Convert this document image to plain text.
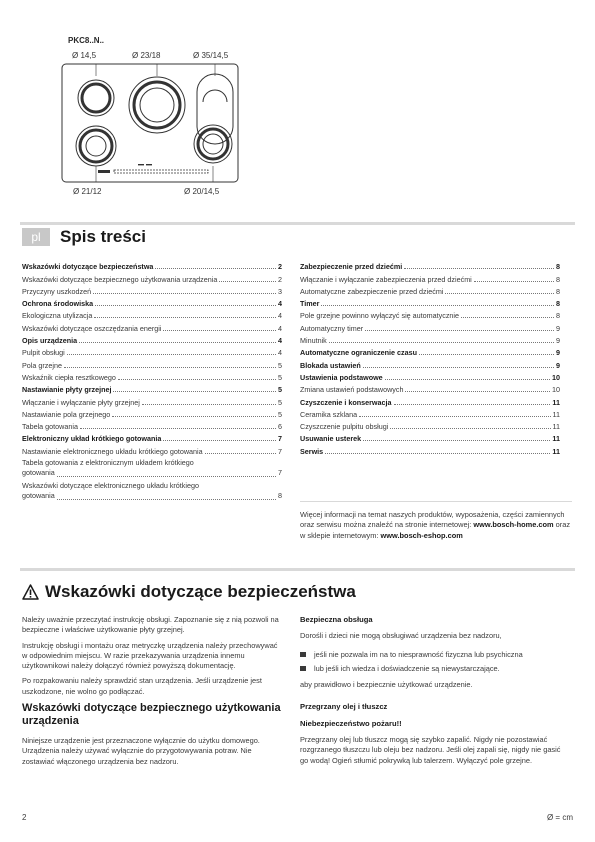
PKC8..N..
Ø 14,5	Ø 23/18	Ø 35/14,5
Ø 21/12	Ø 20/14,5
pl	Spis treści
Wskazówki dotyczące bezpieczeństwa	2
Wskazówki dotyczące bezpiecznego użytkowania urządzenia	2
Przyczyny uszkodzeń	3
Ochrona środowiska	4
Ekologiczna utylizacja	4
Wskazówki dotyczące oszczędzania energii	4
Opis urządzenia	4
Pulpit obsługi	4
Pola grzejne	5
Wskaźnik ciepła resztkowego	5
Nastawianie płyty grzejnej	5
Włączanie i wyłączanie płyty grzejnej	5
Nastawianie pola grzejnego	5
Tabela gotowania	6
Elektroniczny układ krótkiego gotowania	7
Nastawianie elektronicznego układu krótkiego gotowania	7
Tabela gotowania z elektronicznym układem krótkiego
gotowania	7
Wskazówki dotyczące elektronicznego układu krótkiego
gotowania	8
Zabezpieczenie przed dziećmi	8
Włączanie i wyłączanie zabezpieczenia przed dziećmi	8
Automatyczne zabezpieczenie przed dziećmi	8
Timer	8
Pole grzejne powinno wyłączyć się automatycznie	8
Automatyczny timer	9
Minutnik	9
Automatyczne ograniczenie czasu	9
Blokada ustawień	9
Ustawienia podstawowe	10
Zmiana ustawień podstawowych	10
Czyszczenie i konserwacja	11
Ceramika szklana	11
Czyszczenie pulpitu obsługi	11
Usuwanie usterek	11
Serwis	11
Więcej informacji na temat naszych produktów, wyposażenia, części zamiennych oraz serwisu można znaleźć na stronie internetowej: www.bosch-home.com oraz w sklepie internetowym: www.bosch-eshop.com
Wskazówki dotyczące bezpieczeństwa

Należy uważnie przeczytać instrukcję obsługi. Zapoznanie się z nią pozwoli na bezpieczne i właściwe użytkowanie płyty grzejnej.

Instrukcję obsługi i montażu oraz metryczkę urządzenia należy przechowywać w odpowiednim miejscu. W razie przekazywania urządzenia innemu użytkownikowi należy dołączyć również powyższą dokumentację.

Po rozpakowaniu należy sprawdzić stan urządzenia. Jeśli urządzenie jest uszkodzone, nie wolno go podłączać.

Wskazówki dotyczące bezpiecznego użytkowania urządzenia

Niniejsze urządzenie jest przeznaczone wyłącznie do użytku domowego. Urządzenia należy używać wyłącznie do przygotowywania potraw. Nie zostawiać włączonego urządzenia bez nadzoru.

Bezpieczna obsługa

Dorośli i dzieci nie mogą obsługiwać urządzenia bez nadzoru,

jeśli nie pozwala im na to niesprawność fizyczna lub psychiczna
lub jeśli ich wiedza i doświadczenie są niewystarczające.

aby prawidłowo i bezpiecznie użytkować urządzenie.

Przegrzany olej i tłuszcz
Niebezpieczeństwo pożaru!!

Przegrzany olej lub tłuszcz mogą się szybko zapalić. Nigdy nie pozostawiać rozgrzanego tłuszczu lub oleju bez nadzoru. Jeśli olej zapali się, nigdy nie gasić go wodą! Ogień stłumić pokrywką lub talerzem. Wyłączyć pole grzejne.

2	Ø = cm
